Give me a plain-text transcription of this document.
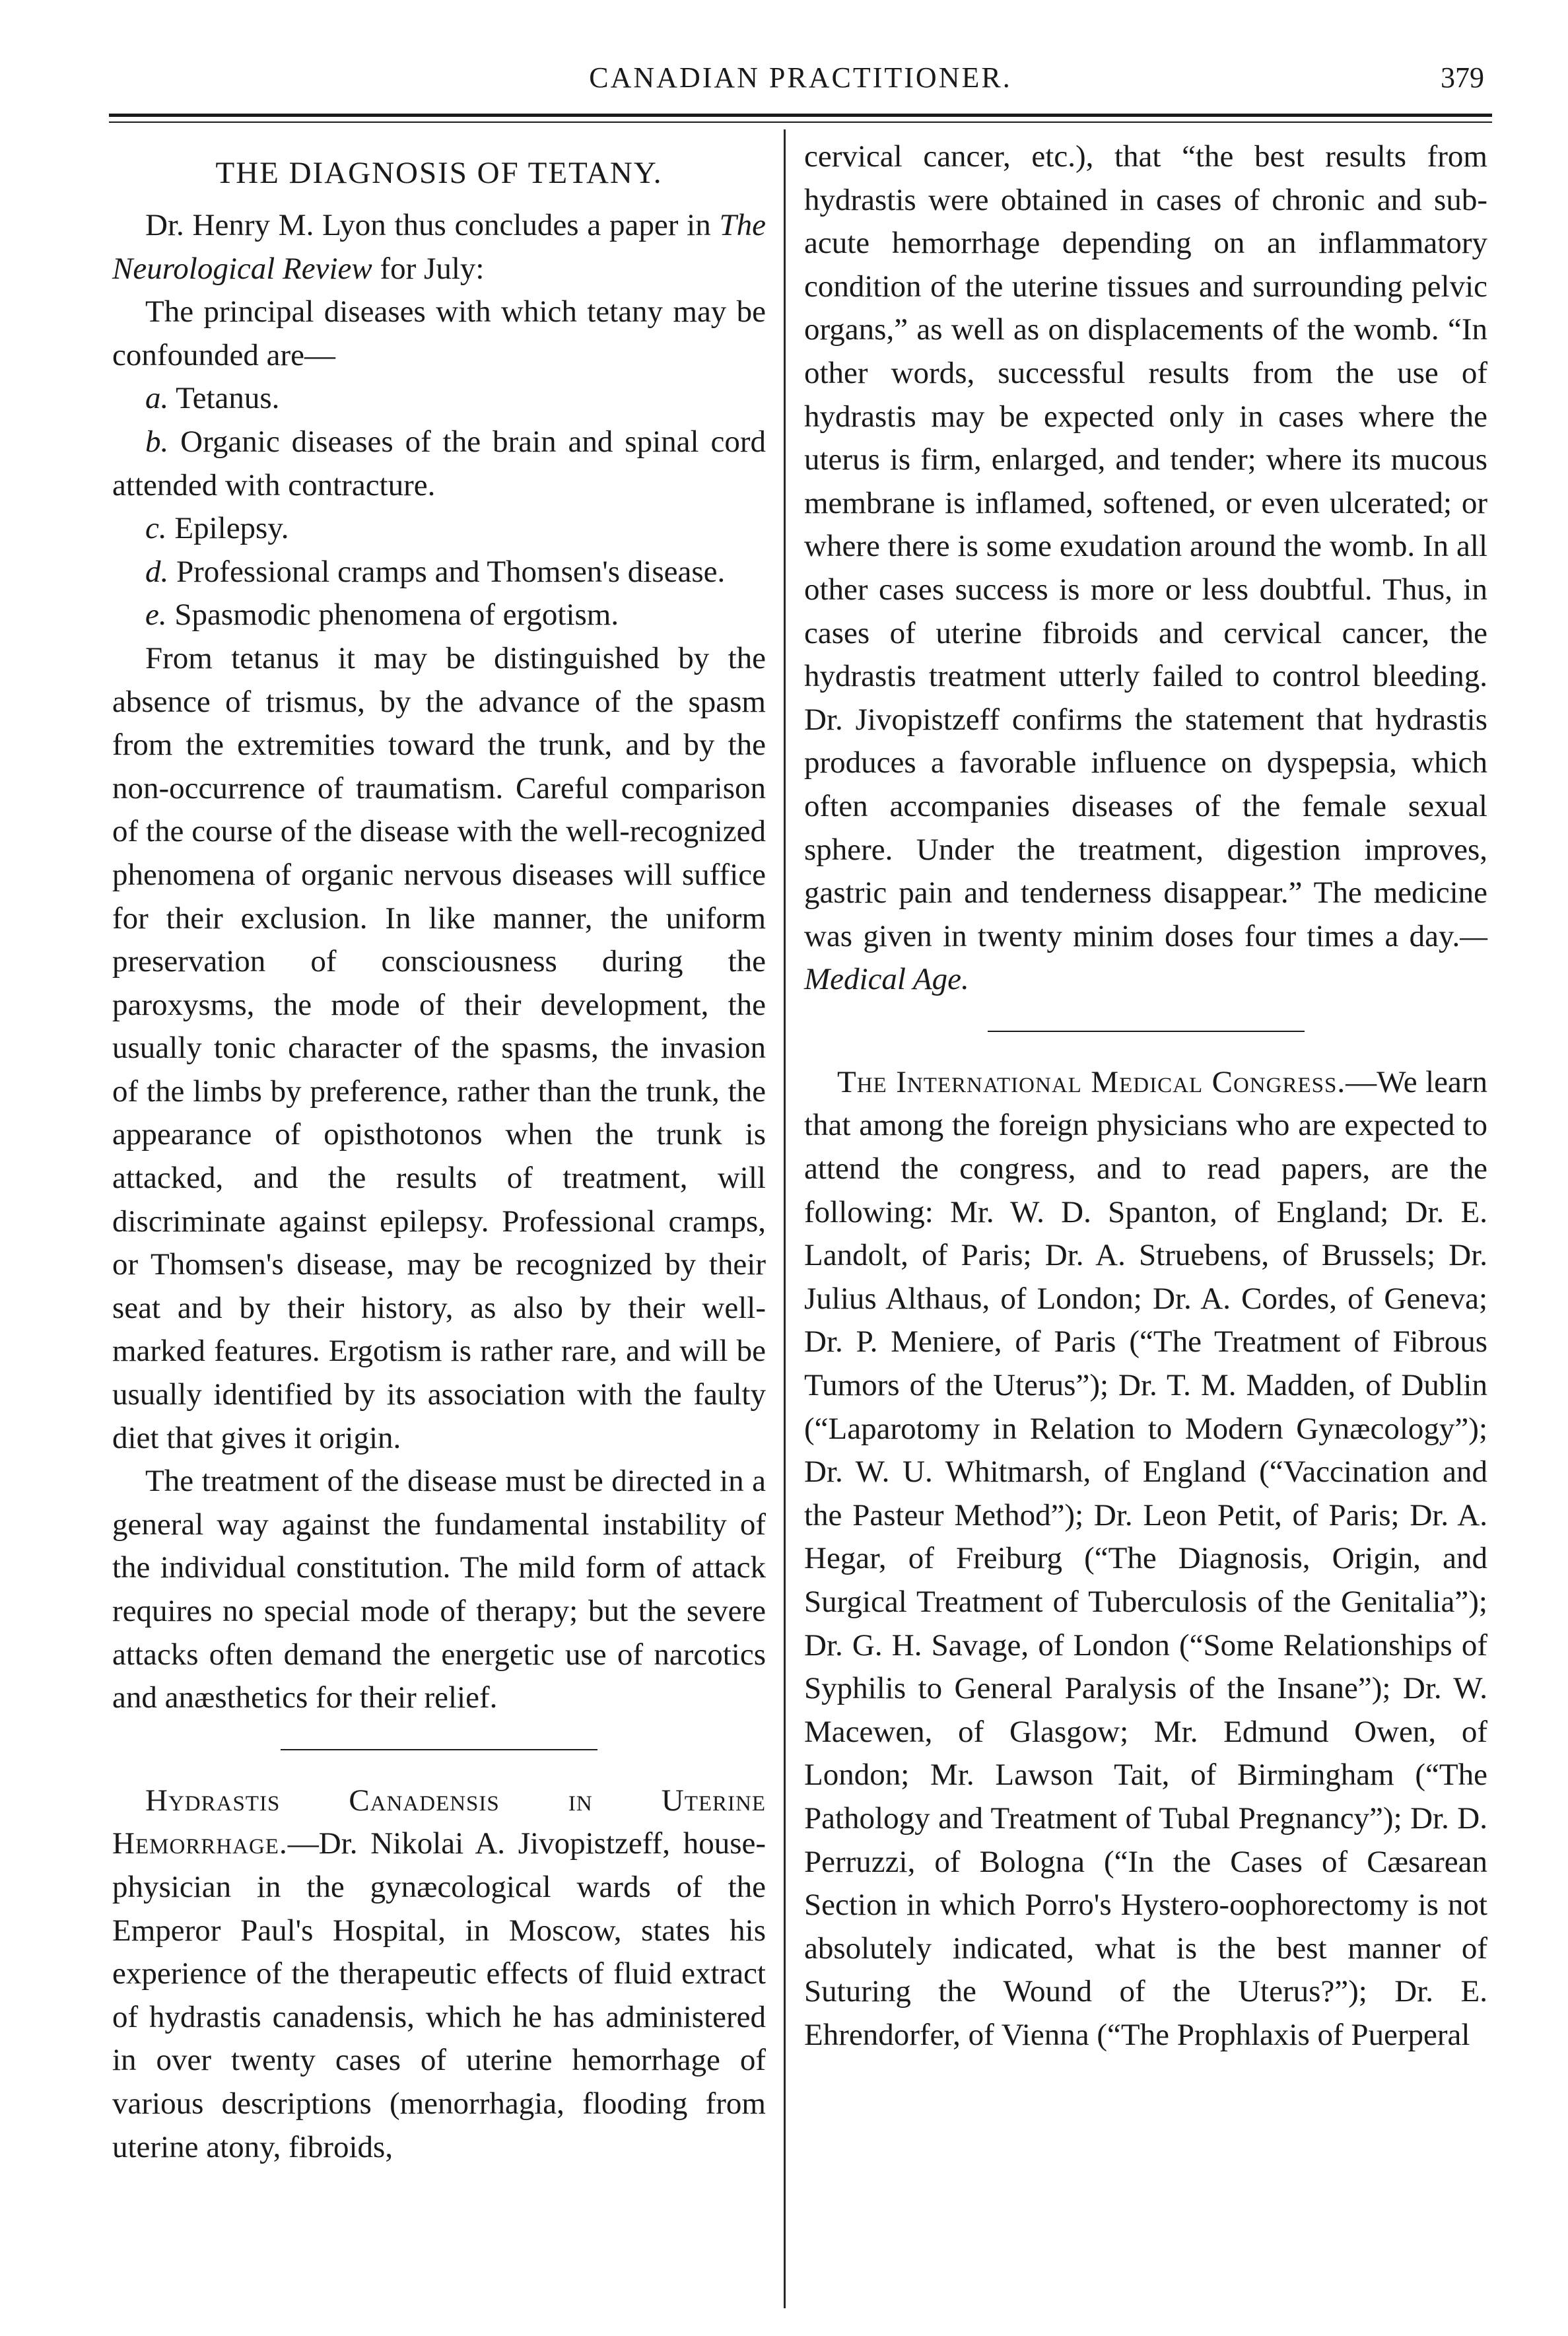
CANADIAN PRACTITIONER.	379
THE DIAGNOSIS OF TETANY.

Dr. Henry M. Lyon thus concludes a paper in The Neurological Review for July:

The principal diseases with which tetany may be confounded are—

a. Tetanus.

b. Organic diseases of the brain and spinal cord attended with contracture.

c. Epilepsy.

d. Professional cramps and Thomsen's disease.

e. Spasmodic phenomena of ergotism.

From tetanus it may be distinguished by the absence of trismus, by the advance of the spasm from the extremities toward the trunk, and by the non-occurrence of traumatism. Careful comparison of the course of the disease with the well-recognized phenomena of organic nervous diseases will suffice for their exclusion. In like manner, the uniform preservation of consciousness during the paroxysms, the mode of their development, the usually tonic character of the spasms, the invasion of the limbs by preference, rather than the trunk, the appearance of opisthotonos when the trunk is attacked, and the results of treatment, will discriminate against epilepsy. Professional cramps, or Thomsen's disease, may be recognized by their seat and by their history, as also by their well-marked features. Ergotism is rather rare, and will be usually identified by its association with the faulty diet that gives it origin.

The treatment of the disease must be directed in a general way against the fundamental instability of the individual constitution. The mild form of attack requires no special mode of therapy; but the severe attacks often demand the energetic use of narcotics and anæsthetics for their relief.

Hydrastis Canadensis in Uterine Hemorrhage.—Dr. Nikolai A. Jivopistzeff, house-physician in the gynæcological wards of the Emperor Paul's Hospital, in Moscow, states his experience of the therapeutic effects of fluid extract of hydrastis canadensis, which he has administered in over twenty cases of uterine hemorrhage of various descriptions (menorrhagia, flooding from uterine atony, fibroids,

cervical cancer, etc.), that “the best results from hydrastis were obtained in cases of chronic and sub-acute hemorrhage depending on an inflammatory condition of the uterine tissues and surrounding pelvic organs,” as well as on displacements of the womb. “In other words, successful results from the use of hydrastis may be expected only in cases where the uterus is firm, enlarged, and tender; where its mucous membrane is inflamed, softened, or even ulcerated; or where there is some exudation around the womb. In all other cases success is more or less doubtful. Thus, in cases of uterine fibroids and cervical cancer, the hydrastis treatment utterly failed to control bleeding. Dr. Jivopistzeff confirms the statement that hydrastis produces a favorable influence on dyspepsia, which often accompanies diseases of the female sexual sphere. Under the treatment, digestion improves, gastric pain and tenderness disappear.” The medicine was given in twenty minim doses four times a day.—Medical Age.

The International Medical Congress.—We learn that among the foreign physicians who are expected to attend the congress, and to read papers, are the following: Mr. W. D. Spanton, of England; Dr. E. Landolt, of Paris; Dr. A. Struebens, of Brussels; Dr. Julius Althaus, of London; Dr. A. Cordes, of Geneva; Dr. P. Meniere, of Paris (“The Treatment of Fibrous Tumors of the Uterus”); Dr. T. M. Madden, of Dublin (“Laparotomy in Relation to Modern Gynæcology”); Dr. W. U. Whitmarsh, of England (“Vaccination and the Pasteur Method”); Dr. Leon Petit, of Paris; Dr. A. Hegar, of Freiburg (“The Diagnosis, Origin, and Surgical Treatment of Tuberculosis of the Genitalia”); Dr. G. H. Savage, of London (“Some Relationships of Syphilis to General Paralysis of the Insane”); Dr. W. Macewen, of Glasgow; Mr. Edmund Owen, of London; Mr. Lawson Tait, of Birmingham (“The Pathology and Treatment of Tubal Pregnancy”); Dr. D. Perruzzi, of Bologna (“In the Cases of Cæsarean Section in which Porro's Hystero-oophorectomy is not absolutely indicated, what is the best manner of Suturing the Wound of the Uterus?”); Dr. E. Ehrendorfer, of Vienna (“The Prophlaxis of Puerperal
